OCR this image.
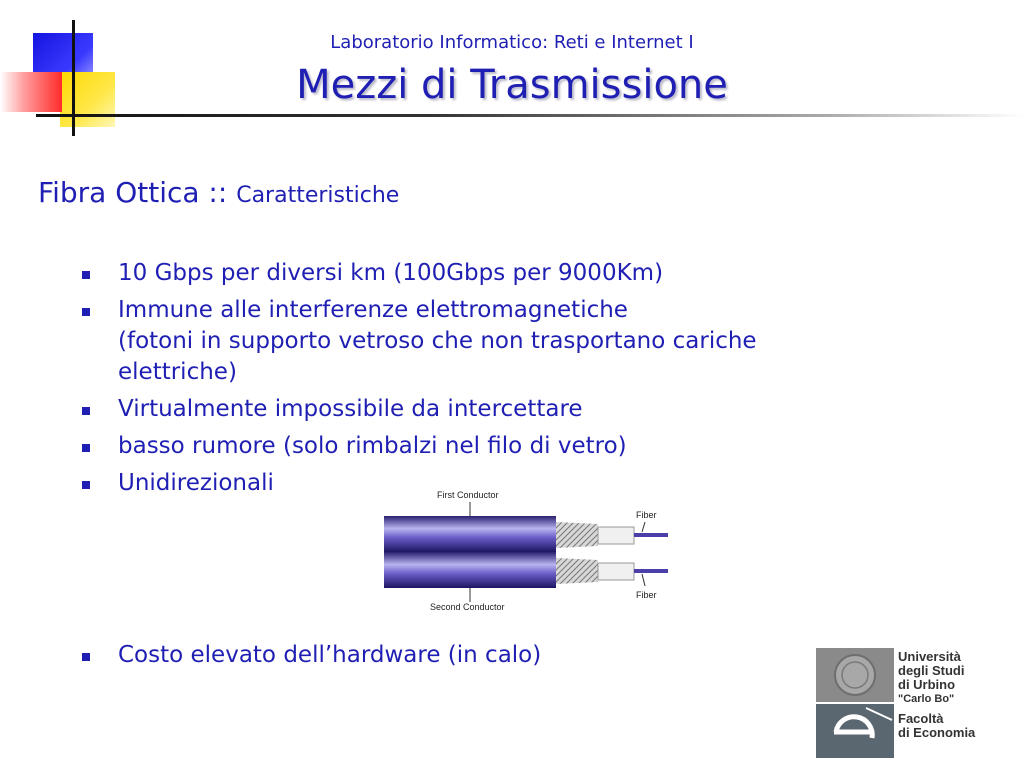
Laboratorio Informatico: Reti e Internet I
Mezzi di Trasmissione
Fibra Ottica :: Caratteristiche
10 Gbps per diversi km (100Gbps per 9000Km)
Immune alle interferenze elettromagnetiche
(fotoni in supporto vetroso che non trasportano cariche
elettriche)
Virtualmente impossibile da intercettare
basso rumore (solo rimbalzi nel filo di vetro)
Unidirezionali	First Conductor
Fiber
Fiber
Second Conductor
Costo elevato dell’hardware (in calo)	Università
degli Studi
di Urbino
"Carlo Bo"
Facoltà
di Economia
